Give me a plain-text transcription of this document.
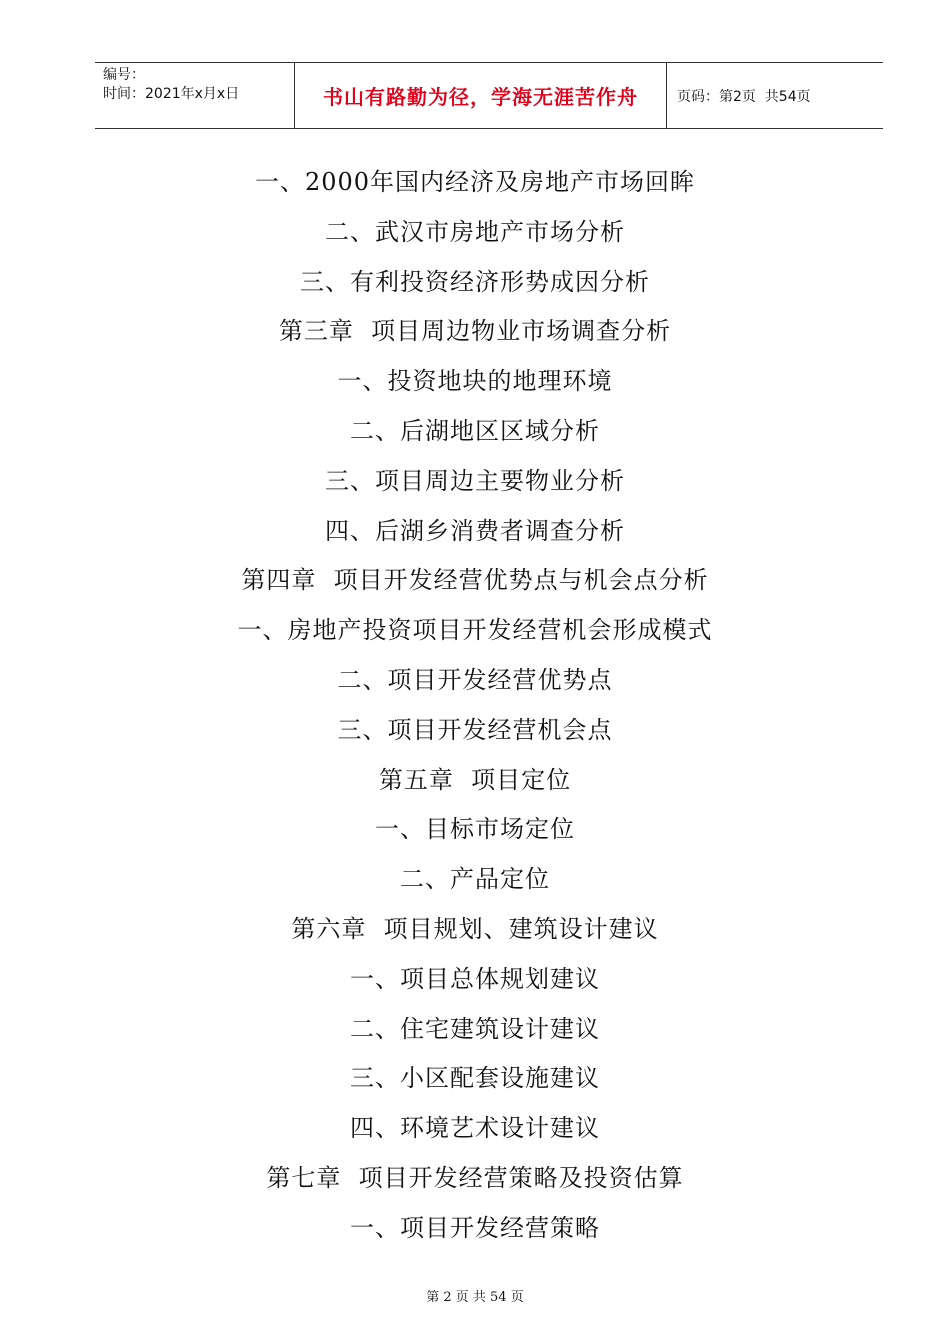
编号：
时间：2021年x月x日	书山有路勤为径，学海无涯苦作舟	页码：第2页  共54页
一、2000年国内经济及房地产市场回眸
二、武汉市房地产市场分析
三、有利投资经济形势成因分析
第三章  项目周边物业市场调查分析
一、投资地块的地理环境
二、后湖地区区域分析
三、项目周边主要物业分析
四、后湖乡消费者调查分析
第四章  项目开发经营优势点与机会点分析
一、房地产投资项目开发经营机会形成模式
二、项目开发经营优势点
三、项目开发经营机会点
第五章  项目定位
一、目标市场定位
二、产品定位
第六章  项目规划、建筑设计建议
一、项目总体规划建议
二、住宅建筑设计建议
三、小区配套设施建议
四、环境艺术设计建议
第七章  项目开发经营策略及投资估算
一、项目开发经营策略
第 2 页 共 54 页
